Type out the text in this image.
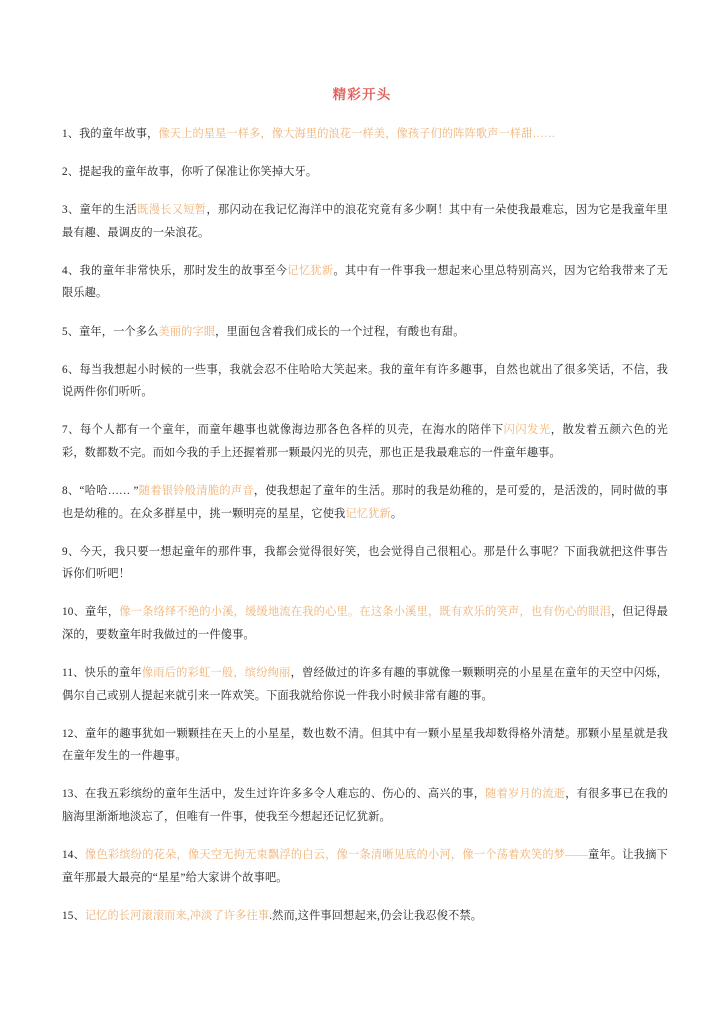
精彩开头

1、我的童年故事，像天上的星星一样多，像大海里的浪花一样美，像孩子们的阵阵歌声一样甜……

2、提起我的童年故事，你听了保准让你笑掉大牙。

3、童年的生活既漫长又短暂，那闪动在我记忆海洋中的浪花究竟有多少啊！其中有一朵使我最难忘，因为它是我童年里最有趣、最调皮的一朵浪花。

4、我的童年非常快乐，那时发生的故事至今记忆犹新。其中有一件事我一想起来心里总特别高兴，因为它给我带来了无限乐趣。

5、童年，一个多么美丽的字眼，里面包含着我们成长的一个过程，有酸也有甜。

6、每当我想起小时候的一些事，我就会忍不住哈哈大笑起来。我的童年有许多趣事，自然也就出了很多笑话，不信，我说两件你们听听。

7、每个人都有一个童年，而童年趣事也就像海边那各色各样的贝壳，在海水的陪伴下闪闪发光，散发着五颜六色的光彩，数都数不完。而如今我的手上还握着那一颗最闪光的贝壳，那也正是我最难忘的一件童年趣事。

8、“哈哈…… ”随着银铃般清脆的声音，使我想起了童年的生活。那时的我是幼稚的，是可爱的，是活泼的，同时做的事也是幼稚的。在众多群星中，挑一颗明亮的星星，它使我记忆犹新。

9、今天，我只要一想起童年的那件事，我都会觉得很好笑，也会觉得自己很粗心。那是什么事呢？下面我就把这件事告诉你们听吧！

10、童年，像一条络绎不绝的小溪，缓缓地流在我的心里。在这条小溪里，既有欢乐的笑声，也有伤心的眼泪，但记得最深的，要数童年时我做过的一件傻事。

11、快乐的童年像雨后的彩虹一般，缤纷绚丽，曾经做过的许多有趣的事就像一颗颗明亮的小星星在童年的天空中闪烁，偶尔自己或别人提起来就引来一阵欢笑。下面我就给你说一件我小时候非常有趣的事。

12、童年的趣事犹如一颗颗挂在天上的小星星，数也数不清。但其中有一颗小星星我却数得格外清楚。那颗小星星就是我在童年发生的一件趣事。

13、在我五彩缤纷的童年生活中，发生过许许多多令人难忘的、伤心的、高兴的事，随着岁月的流逝，有很多事已在我的脑海里渐渐地淡忘了，但唯有一件事，使我至今想起还记忆犹新。

14、像色彩缤纷的花朵，像天空无拘无束飘浮的白云，像一条清晰见底的小河，像一个荡着欢笑的梦——童年。让我摘下童年那最大最亮的“星星”给大家讲个故事吧。

15、记忆的长河滚滚而来,冲淡了许多往事.然而,这件事回想起来,仍会让我忍俊不禁。
